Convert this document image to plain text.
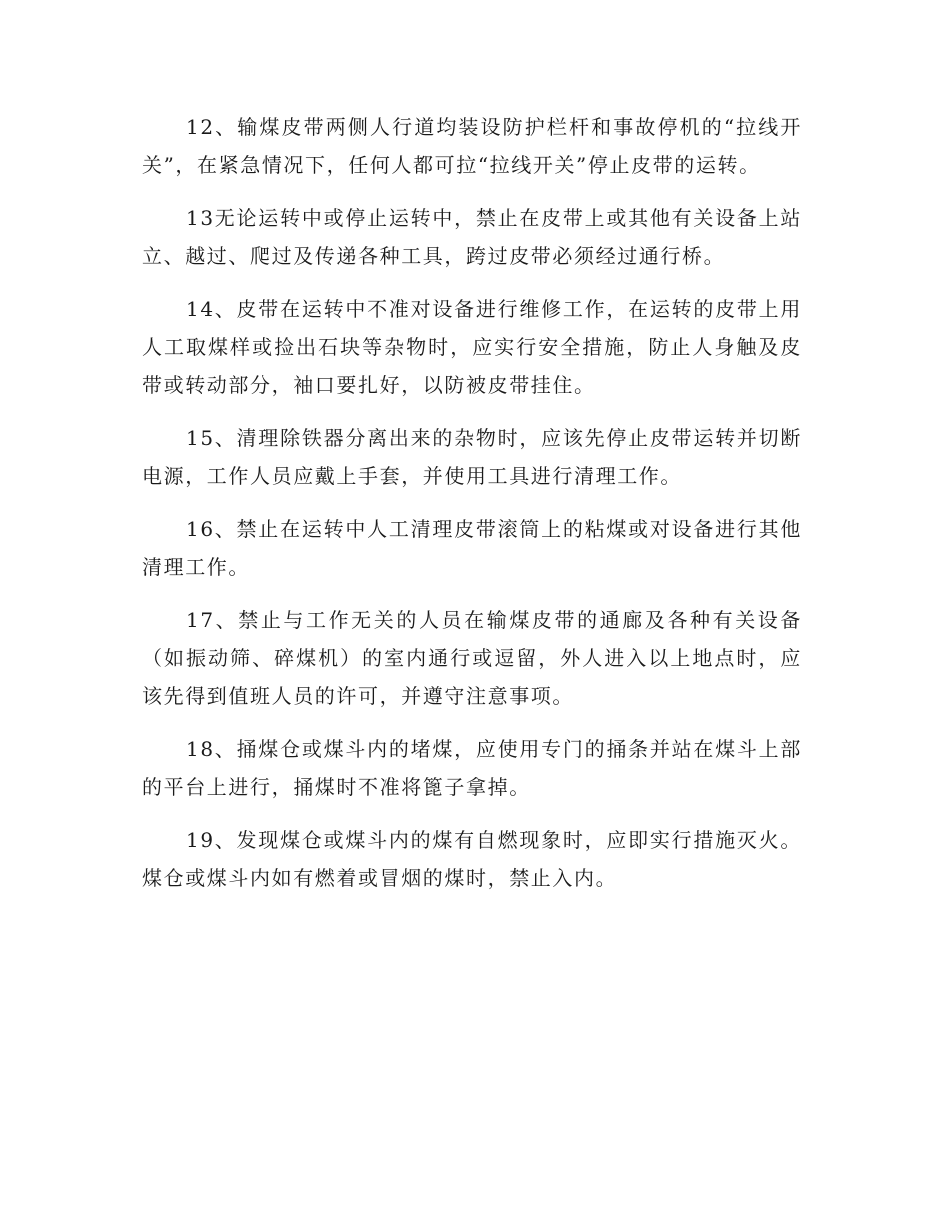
12、输煤皮带两侧人行道均装设防护栏杆和事故停机的“拉线开关”，在紧急情况下，任何人都可拉“拉线开关”停止皮带的运转。

13无论运转中或停止运转中，禁止在皮带上或其他有关设备上站立、越过、爬过及传递各种工具，跨过皮带必须经过通行桥。

14、皮带在运转中不准对设备进行维修工作，在运转的皮带上用人工取煤样或捡出石块等杂物时，应实行安全措施，防止人身触及皮带或转动部分，袖口要扎好，以防被皮带挂住。

15、清理除铁器分离出来的杂物时，应该先停止皮带运转并切断电源，工作人员应戴上手套，并使用工具进行清理工作。

16、禁止在运转中人工清理皮带滚筒上的粘煤或对设备进行其他清理工作。

17、禁止与工作无关的人员在输煤皮带的通廊及各种有关设备（如振动筛、碎煤机）的室内通行或逗留，外人进入以上地点时，应该先得到值班人员的许可，并遵守注意事项。

18、捅煤仓或煤斗内的堵煤，应使用专门的捅条并站在煤斗上部的平台上进行，捅煤时不准将篦子拿掉。

19、发现煤仓或煤斗内的煤有自燃现象时，应即实行措施灭火。煤仓或煤斗内如有燃着或冒烟的煤时，禁止入内。
